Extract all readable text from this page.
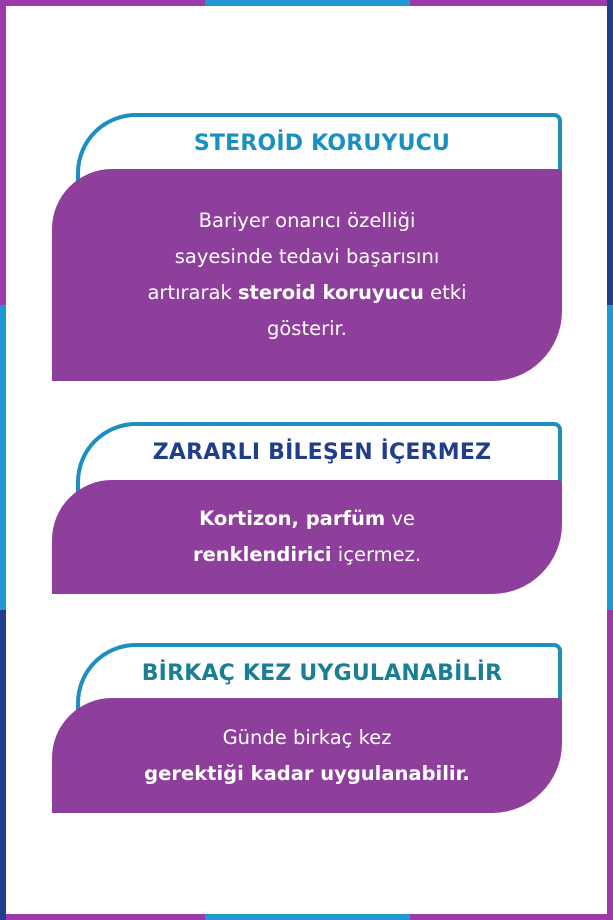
STEROİD KORUYUCU
Bariyer onarıcı özelliği
sayesinde tedavi başarısını
artırarak steroid koruyucu etki
gösterir.
ZARARLI BİLEŞEN İÇERMEZ
Kortizon, parfüm ve
renklendirici içermez.
BİRKAÇ KEZ UYGULANABİLİR
Günde birkaç kez
gerektiği kadar uygulanabilir.
